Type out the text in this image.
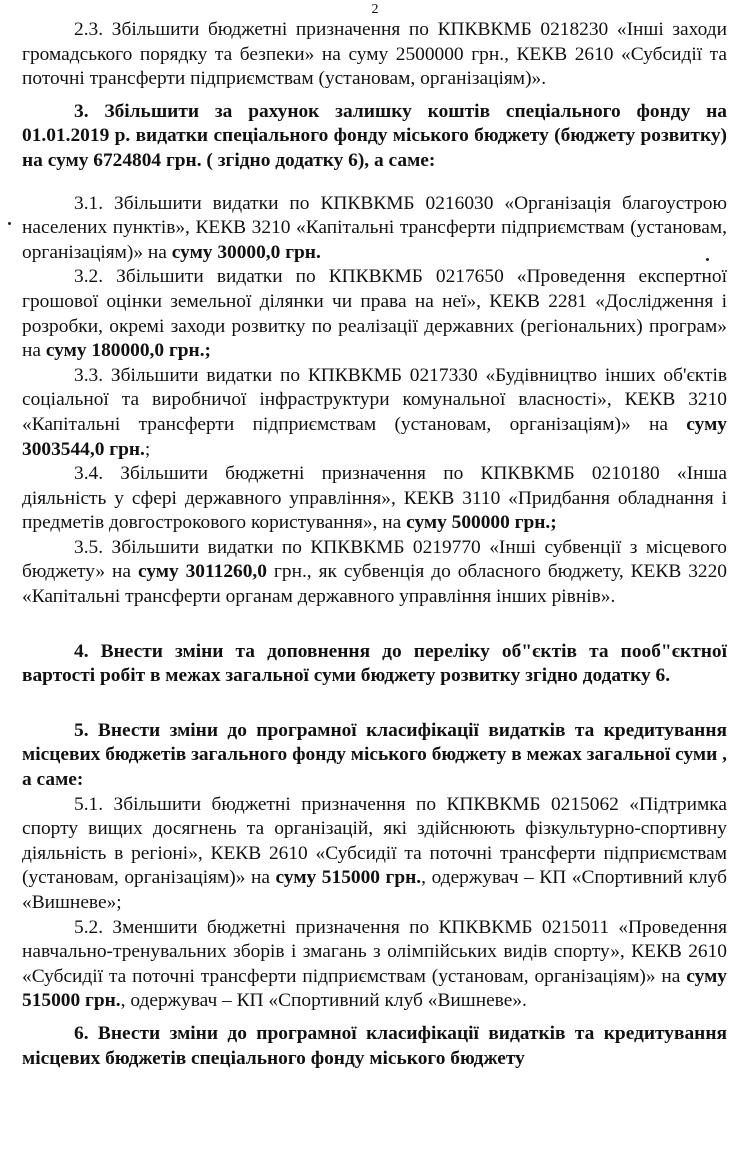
2

2.3. Збільшити бюджетні призначення по КПКВКМБ 0218230 «Інші заходи громадського порядку та безпеки» на суму 2500000 грн., КЕКВ 2610 «Субсидії та поточні трансферти підприємствам (установам, організаціям)».

3. Збільшити за рахунок залишку коштів спеціального фонду на 01.01.2019 р. видатки спеціального фонду міського бюджету (бюджету розвитку) на суму 6724804 грн. ( згідно додатку 6), а саме:

3.1. Збільшити видатки по КПКВКМБ 0216030 «Організація благоустрою населених пунктів», КЕКВ 3210 «Капітальні трансферти підприємствам (установам, організаціям)» на суму 30000,0 грн.

3.2. Збільшити видатки по КПКВКМБ 0217650 «Проведення експертної грошової оцінки земельної ділянки чи права на неї», КЕКВ 2281 «Дослідження і розробки, окремі заходи розвитку по реалізації державних (регіональних) програм» на суму 180000,0 грн.;

3.3. Збільшити видатки по КПКВКМБ 0217330 «Будівництво інших об'єктів соціальної та виробничої інфраструктури комунальної власності», КЕКВ 3210 «Капітальні трансферти підприємствам (установам, організаціям)» на суму 3003544,0 грн.;

3.4. Збільшити бюджетні призначення по КПКВКМБ 0210180 «Інша діяльність у сфері державного управління», КЕКВ 3110 «Придбання обладнання і предметів довгострокового користування», на суму 500000 грн.;

3.5. Збільшити видатки по КПКВКМБ 0219770 «Інші субвенції з місцевого бюджету» на суму 3011260,0 грн., як субвенція до обласного бюджету, КЕКВ 3220 «Капітальні трансферти органам державного управління інших рівнів».

4. Внести зміни та доповнення до переліку об"єктів та пооб"єктної вартості робіт в межах загальної суми бюджету розвитку згідно додатку 6.

5. Внести зміни до програмної класифікації видатків та кредитування місцевих бюджетів загального фонду міського бюджету в межах загальної суми , а саме:

5.1. Збільшити бюджетні призначення по КПКВКМБ 0215062 «Підтримка спорту вищих досягнень та організацій, які здійснюють фізкультурно-спортивну діяльність в регіоні», КЕКВ 2610 «Субсидії та поточні трансферти підприємствам (установам, організаціям)» на суму 515000 грн., одержувач – КП «Спортивний клуб «Вишневе»;

5.2. Зменшити бюджетні призначення по КПКВКМБ 0215011 «Проведення навчально-тренувальних зборів і змагань з олімпійських видів спорту», КЕКВ 2610 «Субсидії та поточні трансферти підприємствам (установам, організаціям)» на суму 515000 грн., одержувач – КП «Спортивний клуб «Вишневе».

6. Внести зміни до програмної класифікації видатків та кредитування місцевих бюджетів спеціального фонду міського бюджету
